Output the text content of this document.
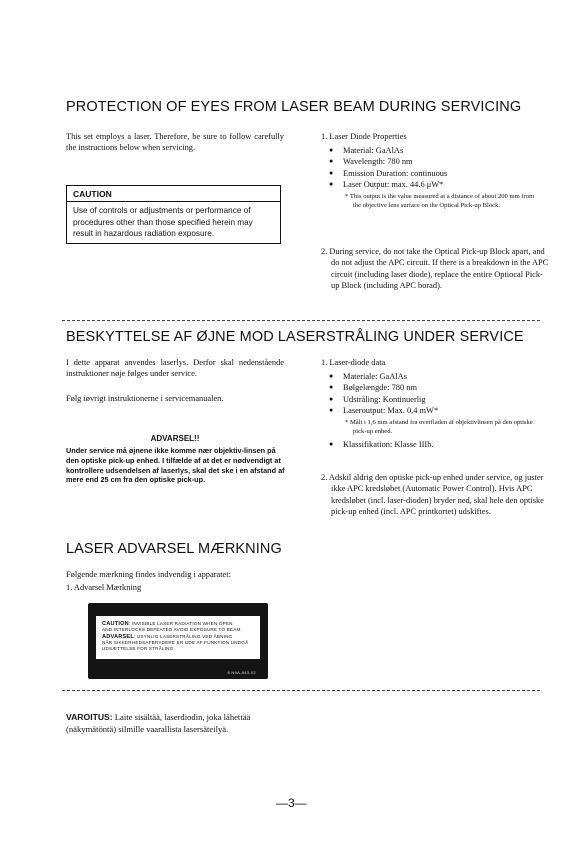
PROTECTION OF EYES FROM LASER BEAM DURING SERVICING
This set employs a laser. Therefore, be sure to follow carefully the instructions below when servicing.
CAUTION
Use of controls or adjustments or performance of procedures other than those specified herein may result in hazardous radiation exposure.
1. Laser Diode Properties
● Material: GaAlAs
● Wavelength: 780 nm
● Emission Duration: continuous
● Laser Output: max. 44.6 μW*
* This output is the value measured at a distance of about 200 mm from the objective lens surface on the Optical Pick-up Block.
2. During service, do not take the Optical Pick-up Block apart, and do not adjust the APC circuit. If there is a breakdown in the APC circuit (including laser diode), replace the entire Optiocal Pick-up Block (including APC borad).
BESKYTTELSE AF ØJNE MOD LASERSTRÅLING UNDER SERVICE
I dette apparat anvendes laserlys. Derfor skal nedenstående instruktioner nøje følges under service.
Følg iøvrigt instruktionerne i servicemanualen.
ADVARSEL!!
Under service må øjnene ikke komme nær objektiv-linsen på den optiske pick-up enhed. I tilfælde af at det er nødvendigt at kontrollere udsendelsen af laserlys, skal det ske i en afstand af mere end 25 cm fra den optiske pick-up.
1. Laser-diode data
● Materiale: GaAlAs
● Bølgelængde: 780 nm
● Udstråling: Kontinuerlig
● Laseroutput: Max. 0,4 mW*
* Målt i 1,6 mm afstand fra overfladen af objektivlinsen på den optiske pick-up enhed.
● Klassifikation: Klasse IIIb.
2. Adskil aldrig den optiske pick-up enhed under service, og juster ikke APC kredsløbet (Automatic Power Control). Hvis APC kredsløbet (incl. laser-dioden) bryder ned, skal hele den optiske pick-up enhed (incl. APC printkortet) udskiftes.
LASER ADVARSEL MÆRKNING
Følgende mærkning findes indvendig i apparatet:
1. Advarsel Mærkning
CAUTION: INVISIBLE LASER RADIATION WHEN OPEN
AND INTERLOCKS DEFEATED AVOID EXPOSURE TO BEAM.
ADVARSEL: USYNLIG LASERSTRÅLING VED ÅBNING
NÅR SIKKERHEDSAFBRYDERE ER UDE AF FUNKTION UNDGÅ
UDSÆTTELSE FOR STRÅLING
8 N9A-843-02
VAROITUS: Laite sisältää, laserdiodin, joka lähettää (näkymätöntä) silmille vaarallista lasersäteilyä.
—3—
